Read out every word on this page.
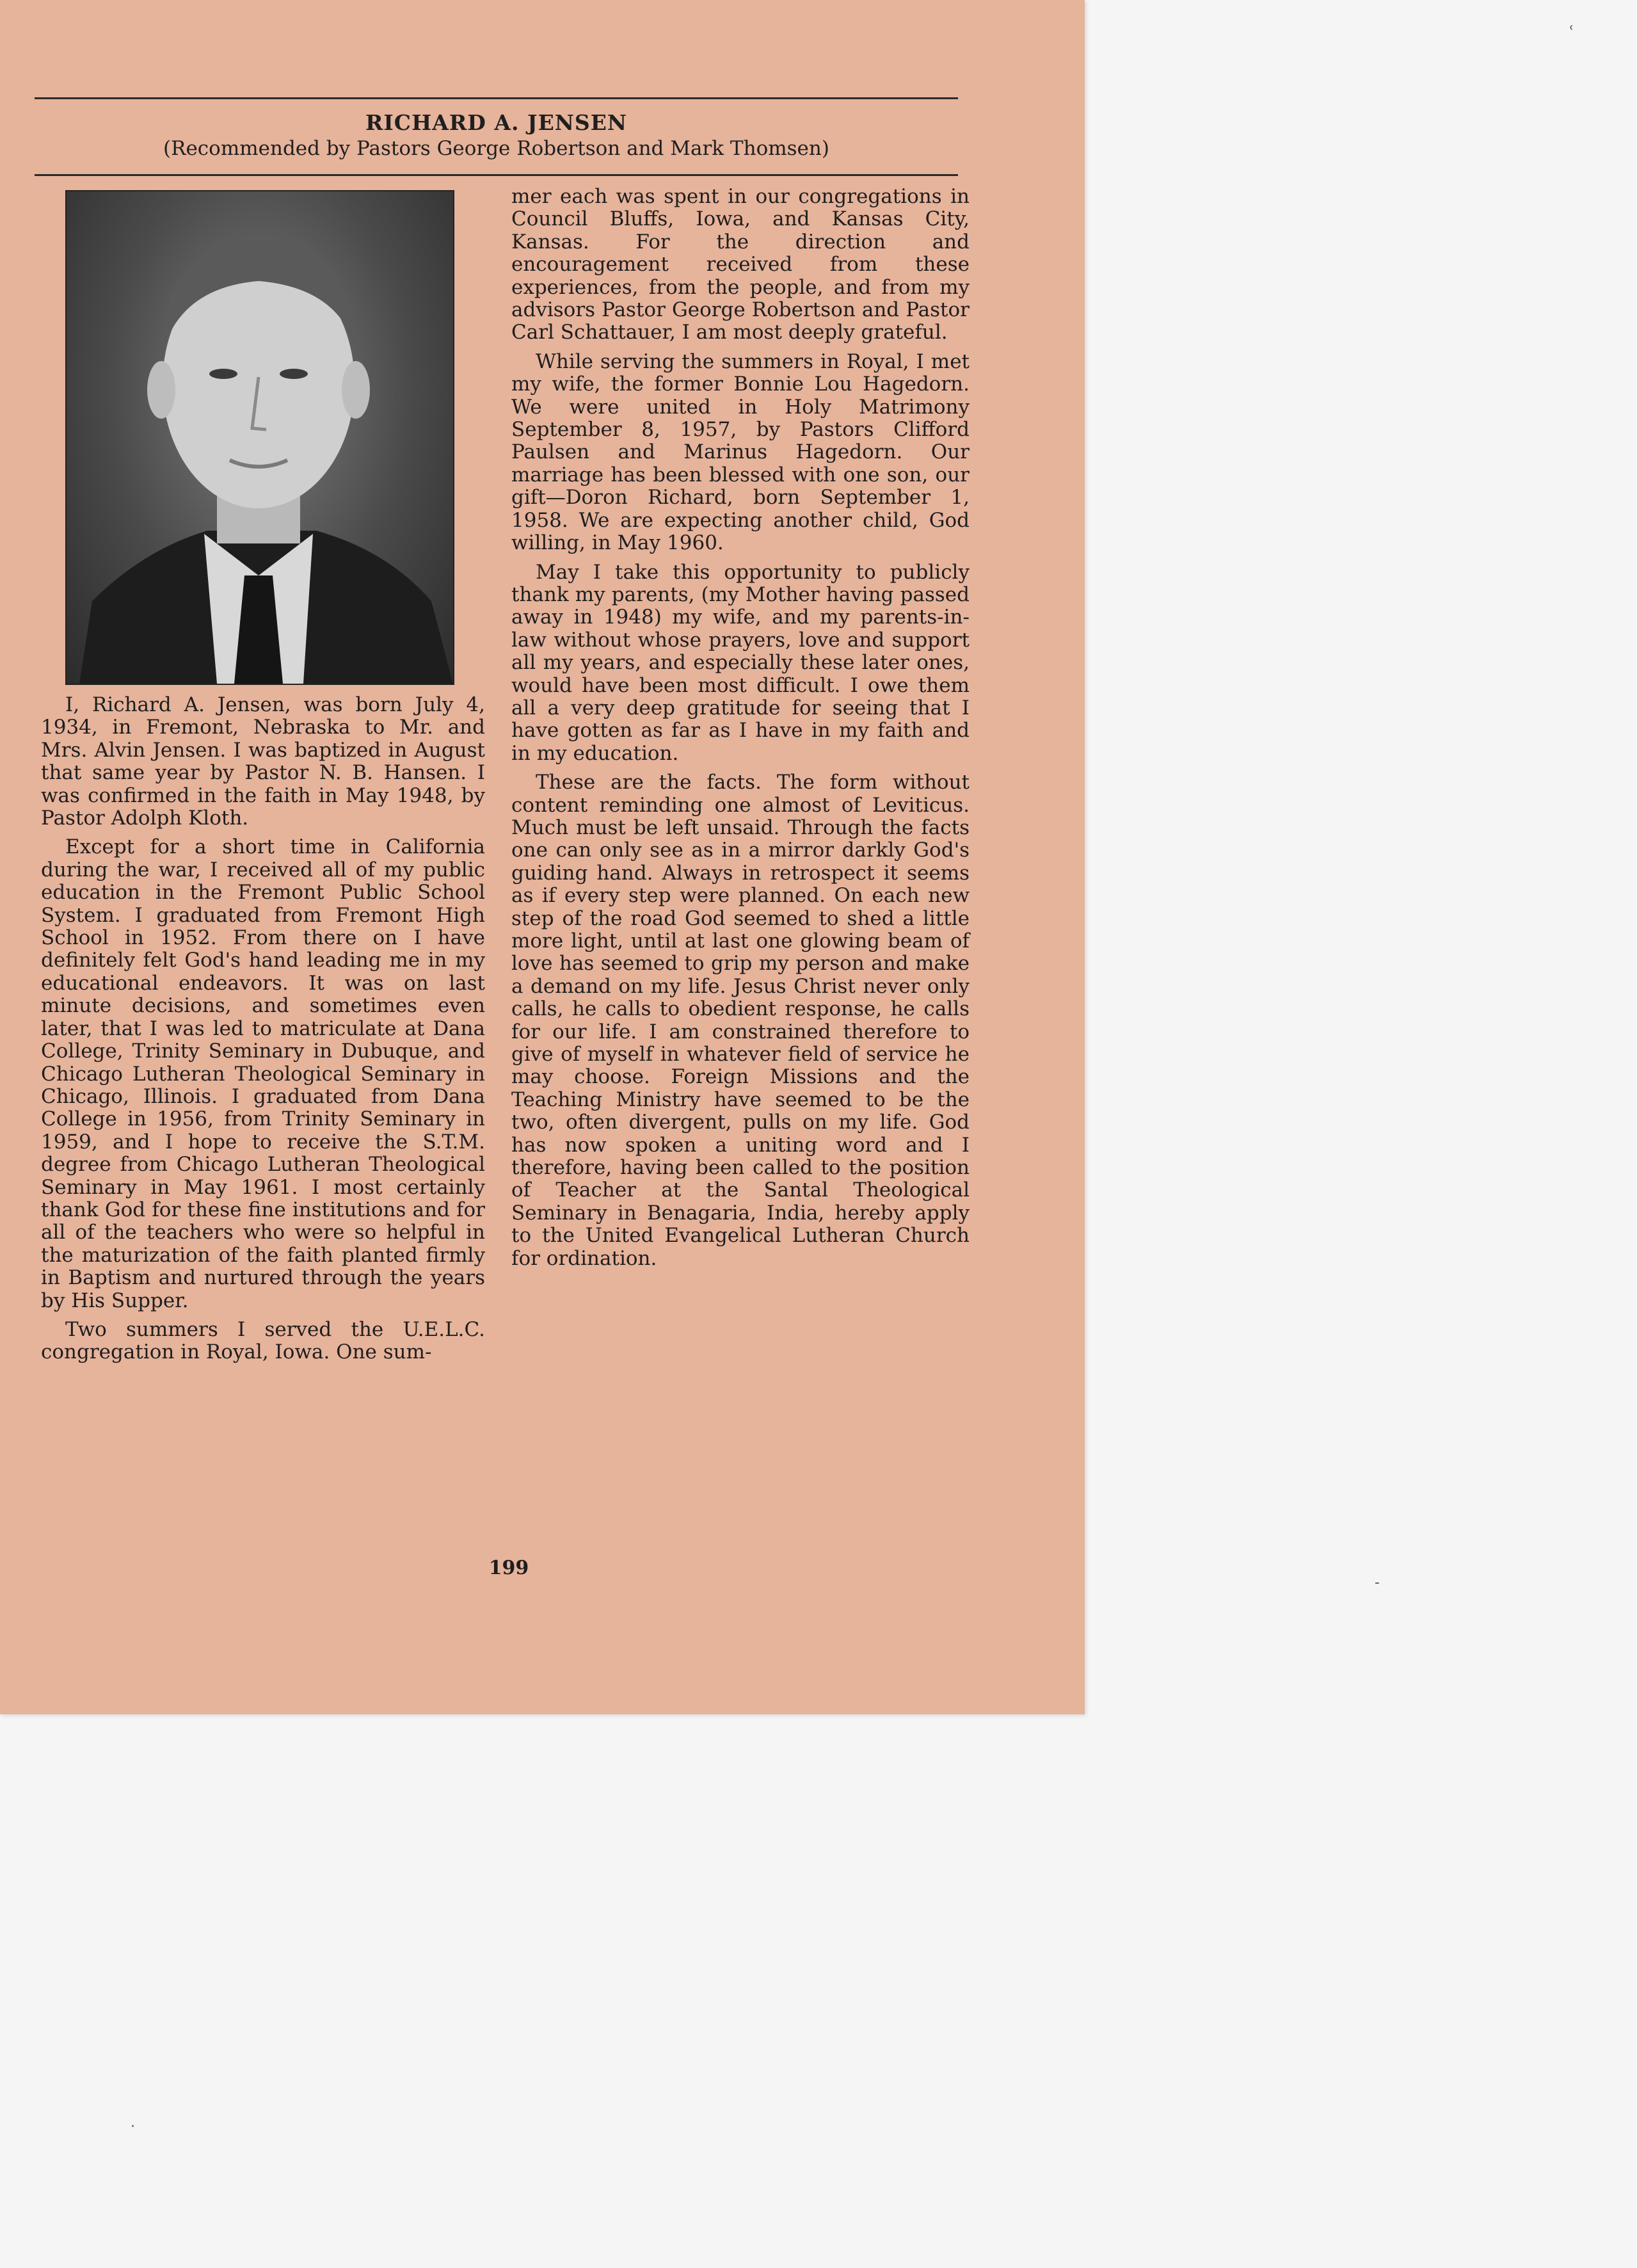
RICHARD A. JENSEN
(Recommended by Pastors George Robertson and Mark Thomsen)

I, Richard A. Jensen, was born July 4, 1934, in Fremont, Nebraska to Mr. and Mrs. Alvin Jensen. I was baptized in August that same year by Pastor N. B. Hansen. I was confirmed in the faith in May 1948, by Pastor Adolph Kloth.

Except for a short time in California during the war, I received all of my public education in the Fremont Public School System. I graduated from Fremont High School in 1952. From there on I have definitely felt God's hand leading me in my educational endeavors. It was on last minute decisions, and sometimes even later, that I was led to matriculate at Dana College, Trinity Seminary in Dubuque, and Chicago Lutheran Theological Seminary in Chicago, Illinois. I graduated from Dana College in 1956, from Trinity Seminary in 1959, and I hope to receive the S.T.M. degree from Chicago Lutheran Theological Seminary in May 1961. I most certainly thank God for these fine institutions and for all of the teachers who were so helpful in the maturization of the faith planted firmly in Baptism and nurtured through the years by His Supper.

Two summers I served the U.E.L.C. congregation in Royal, Iowa. One sum-

mer each was spent in our congregations in Council Bluffs, Iowa, and Kansas City, Kansas. For the direction and encouragement received from these experiences, from the people, and from my advisors Pastor George Robertson and Pastor Carl Schattauer, I am most deeply grateful.

While serving the summers in Royal, I met my wife, the former Bonnie Lou Hagedorn. We were united in Holy Matrimony September 8, 1957, by Pastors Clifford Paulsen and Marinus Hagedorn. Our marriage has been blessed with one son, our gift—Doron Richard, born September 1, 1958. We are expecting another child, God willing, in May 1960.

May I take this opportunity to publicly thank my parents, (my Mother having passed away in 1948) my wife, and my parents-in-law without whose prayers, love and support all my years, and especially these later ones, would have been most difficult. I owe them all a very deep gratitude for seeing that I have gotten as far as I have in my faith and in my education.

These are the facts. The form without content reminding one almost of Leviticus. Much must be left unsaid. Through the facts one can only see as in a mirror darkly God's guiding hand. Always in retrospect it seems as if every step were planned. On each new step of the road God seemed to shed a little more light, until at last one glowing beam of love has seemed to grip my person and make a demand on my life. Jesus Christ never only calls, he calls to obedient response, he calls for our life. I am constrained therefore to give of myself in whatever field of service he may choose. Foreign Missions and the Teaching Ministry have seemed to be the two, often divergent, pulls on my life. God has now spoken a uniting word and I therefore, having been called to the position of Teacher at the Santal Theological Seminary in Benagaria, India, hereby apply to the United Evangelical Lutheran Church for ordination.

199
ʿ
-
·
